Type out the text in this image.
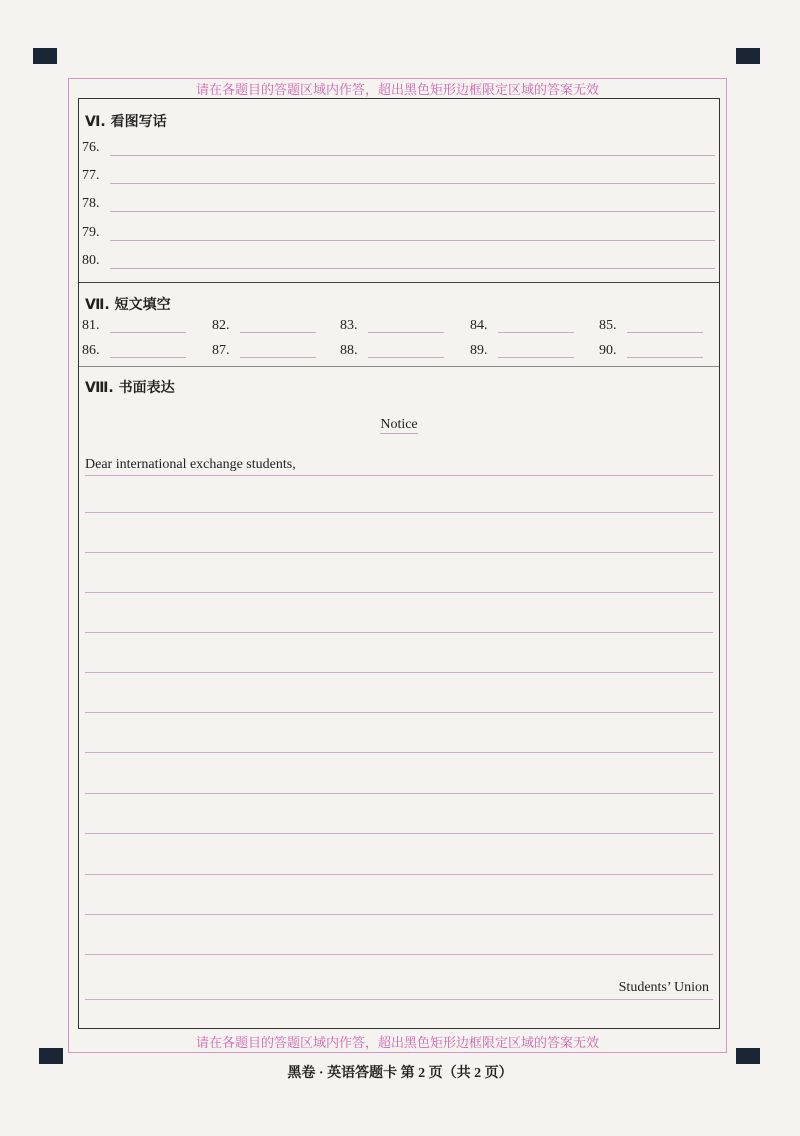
请在各题目的答题区域内作答，超出黑色矩形边框限定区域的答案无效
请在各题目的答题区域内作答，超出黑色矩形边框限定区域的答案无效
Ⅵ. 看图写话
76.
77.
78.
79.
80.
Ⅶ. 短文填空
81.	82.	83.	84.	85.
86.	87.	88.	89.	90.
Ⅷ. 书面表达
Notice
Dear international exchange students,
Students’ Union
黑卷 · 英语答题卡 第 2 页（共 2 页）
